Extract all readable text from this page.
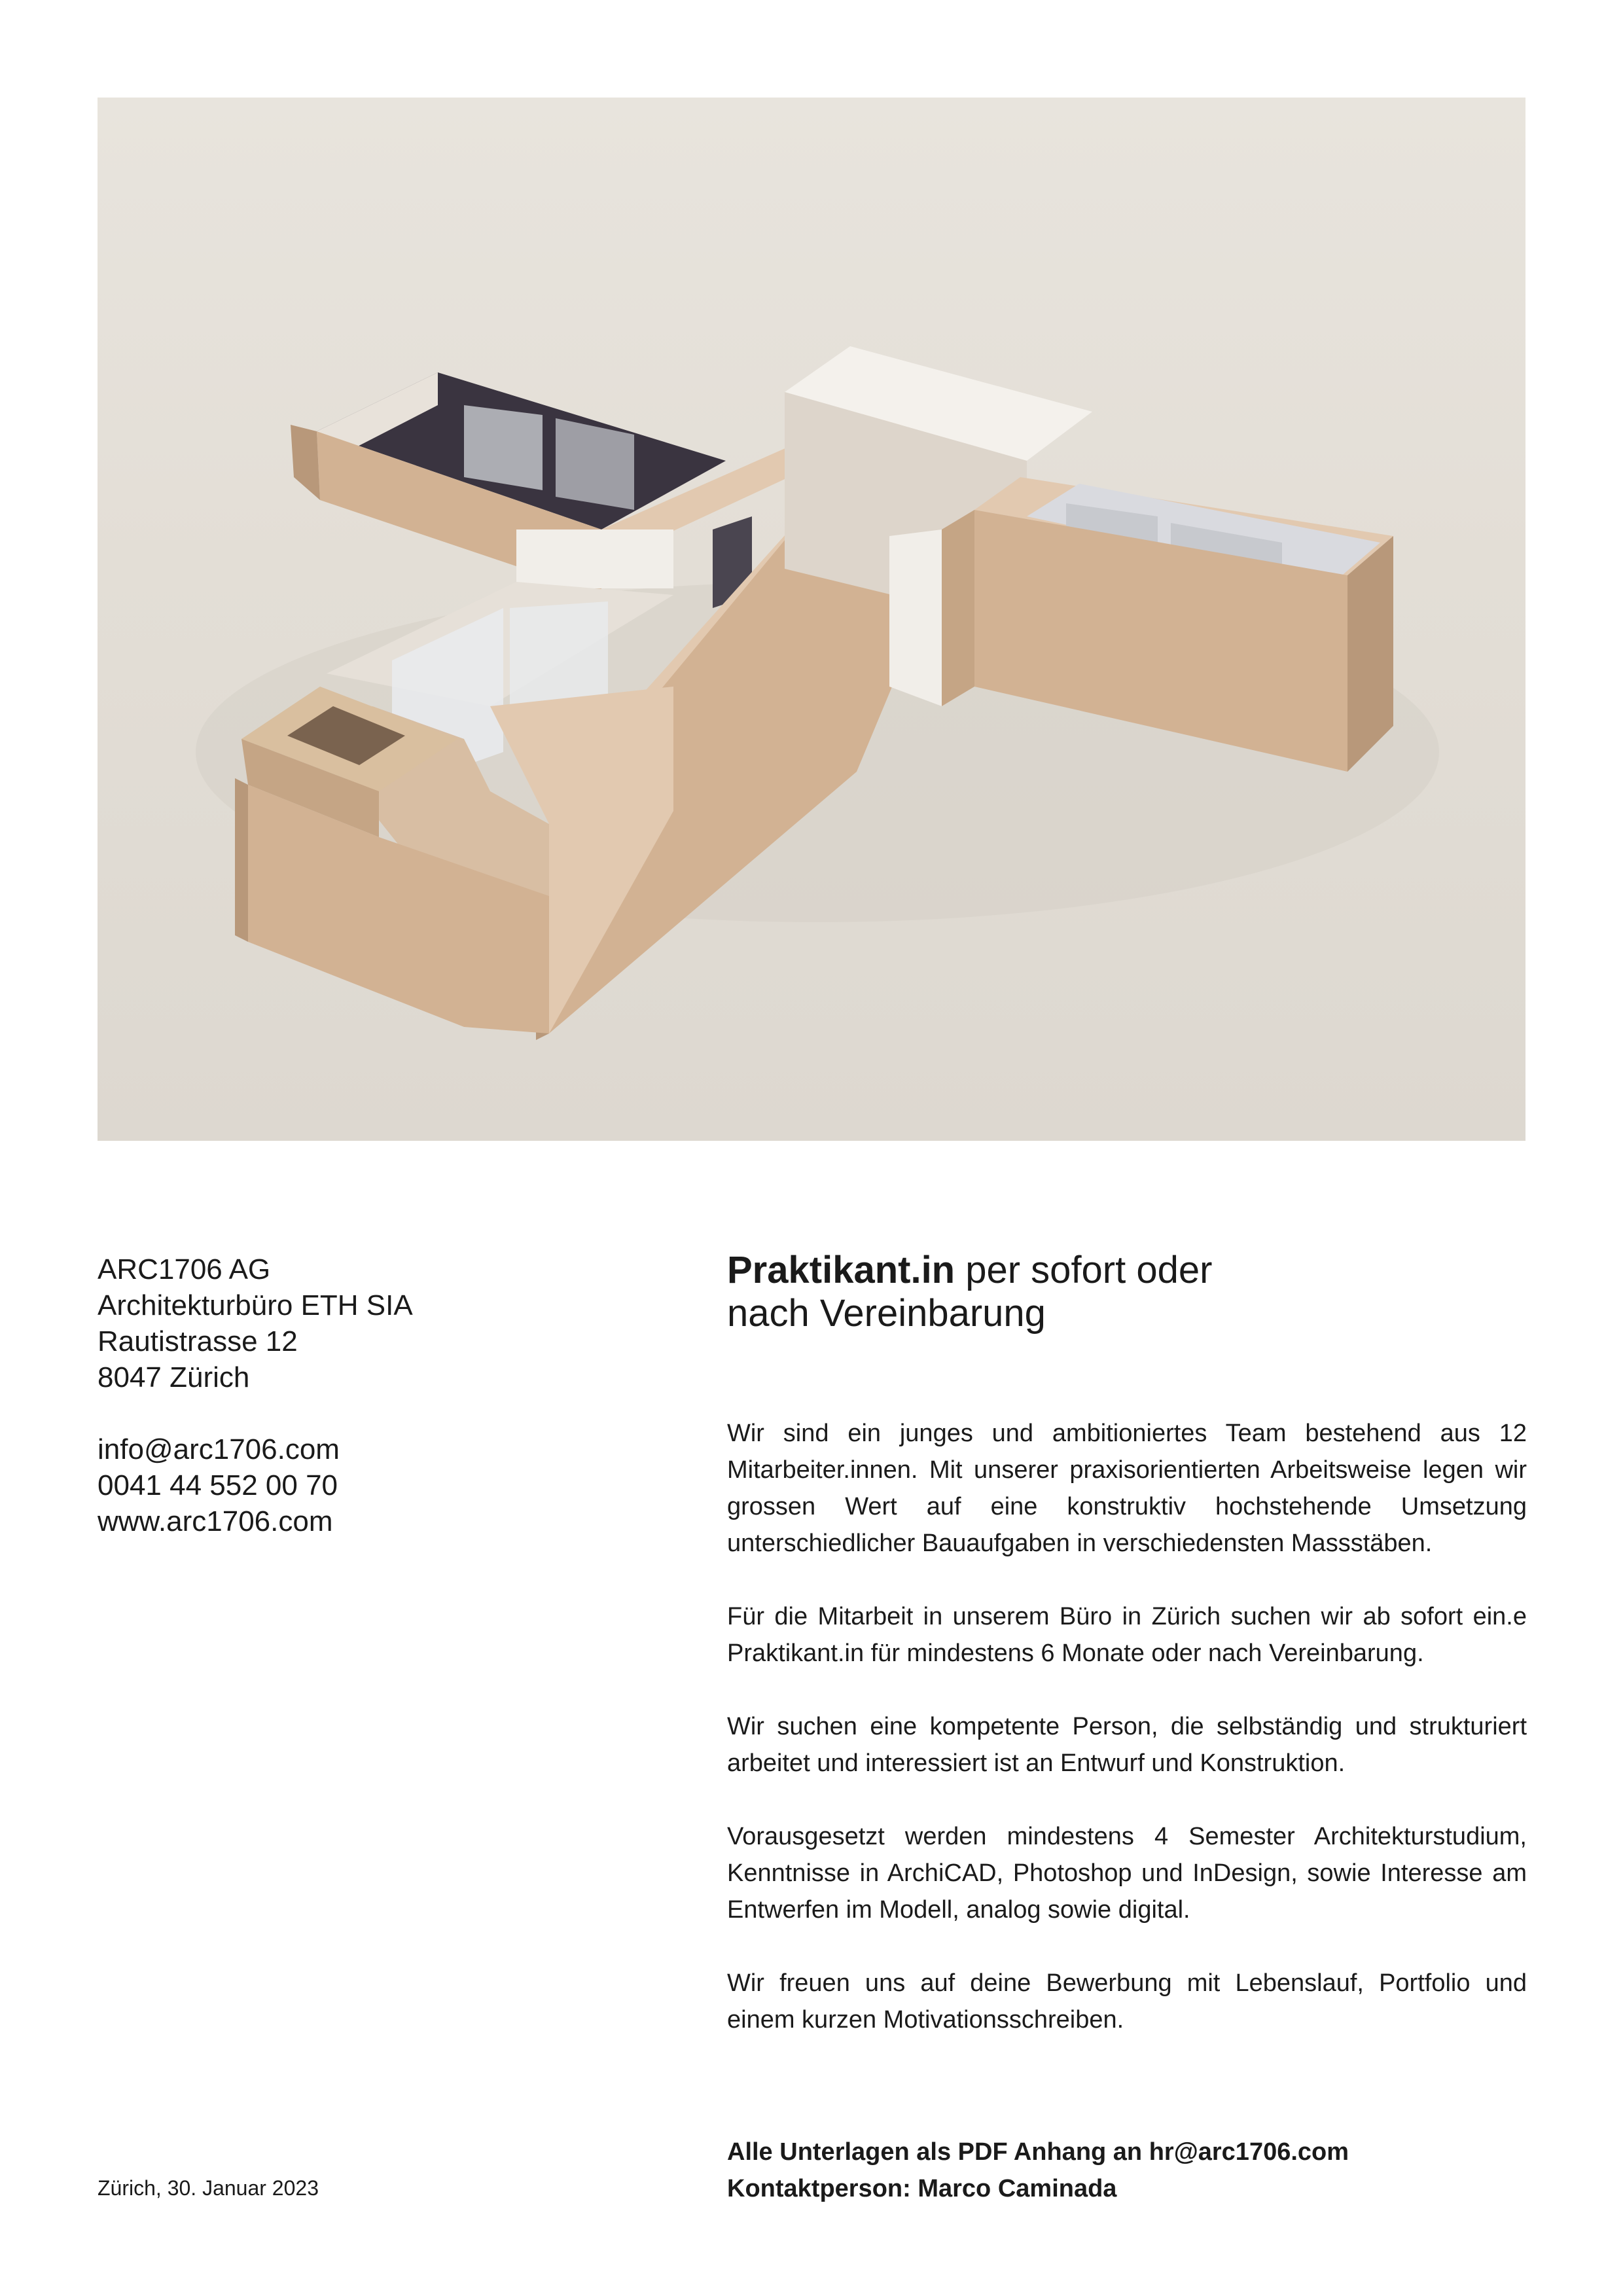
ARC1706 AG
Architekturbüro ETH SIA
Rautistrasse 12
8047 Zürich
info@arc1706.com
0041 44 552 00 70
www.arc1706.com
Zürich, 30. Januar 2023
Praktikant.in per sofort oder
nach Vereinbarung

Wir sind ein junges und ambitioniertes Team bestehend aus 12 Mitarbeiter.innen. Mit unserer praxisorientierten Arbeitsweise legen wir grossen Wert auf eine konstruktiv hochstehende Umsetzung unterschiedlicher Bauaufgaben in verschiedensten Massstäben.

Für die Mitarbeit in unserem Büro in Zürich suchen wir ab sofort ein.e Praktikant.in für mindestens 6 Monate oder nach Vereinbarung.

Wir suchen eine kompetente Person, die selbständig und strukturiert arbeitet und interessiert ist an Entwurf und Konstruktion.

Vorausgesetzt werden mindestens 4 Semester Architekturstudium, Kenntnisse in ArchiCAD, Photoshop und InDesign, sowie Interesse am Entwerfen im Modell, analog sowie digital.

Wir freuen uns auf deine Bewerbung mit Lebenslauf, Portfolio und einem kurzen Motivationsschreiben.

Alle Unterlagen als PDF Anhang an hr@arc1706.com
Kontaktperson: Marco Caminada
